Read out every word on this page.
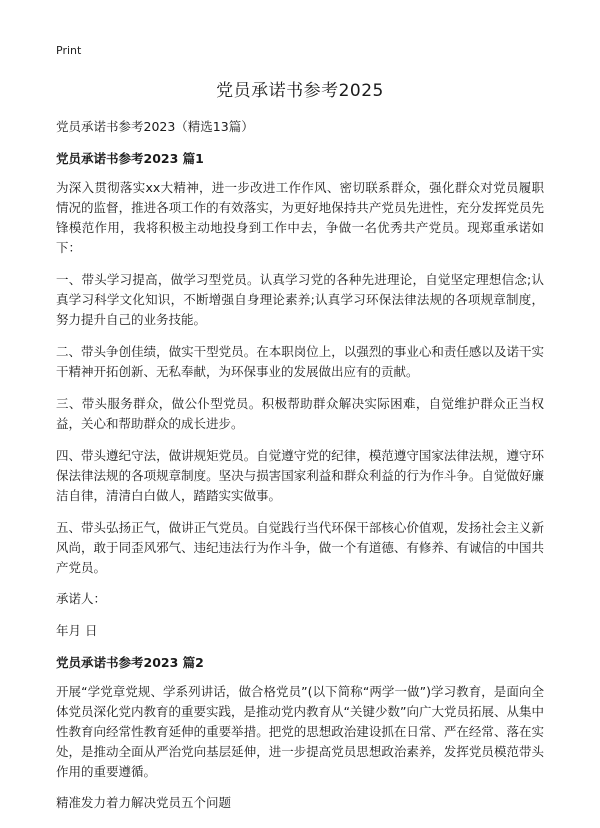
Print
党员承诺书参考2025
党员承诺书参考2023（精选13篇）
党员承诺书参考2023 篇1

为深入贯彻落实xx大精神，进一步改进工作作风、密切联系群众，强化群众对党员履职情况的监督，推进各项工作的有效落实，为更好地保持共产党员先进性，充分发挥党员先锋模范作用，我将积极主动地投身到工作中去，争做一名优秀共产党员。现郑重承诺如下：

一、带头学习提高，做学习型党员。认真学习党的各种先进理论，自觉坚定理想信念;认真学习科学文化知识，不断增强自身理论素养;认真学习环保法律法规的各项规章制度，努力提升自己的业务技能。

二、带头争创佳绩，做实干型党员。在本职岗位上，以强烈的事业心和责任感以及诺干实干精神开拓创新、无私奉献，为环保事业的发展做出应有的贡献。

三、带头服务群众，做公仆型党员。积极帮助群众解决实际困难，自觉维护群众正当权益，关心和帮助群众的成长进步。

四、带头遵纪守法，做讲规矩党员。自觉遵守党的纪律，模范遵守国家法律法规，遵守环保法律法规的各项规章制度。坚决与损害国家利益和群众利益的行为作斗争。自觉做好廉洁自律，清清白白做人，踏踏实实做事。

五、带头弘扬正气，做讲正气党员。自觉践行当代环保干部核心价值观，发扬社会主义新风尚，敢于同歪风邪气、违纪违法行为作斗争，做一个有道德、有修养、有诚信的中国共产党员。

承诺人：
年月 日
党员承诺书参考2023 篇2

开展“学党章党规、学系列讲话，做合格党员”(以下简称“两学一做”)学习教育，是面向全体党员深化党内教育的重要实践，是推动党内教育从“关键少数”向广大党员拓展、从集中性教育向经常性教育延伸的重要举措。把党的思想政治建设抓在日常、严在经常、落在实处，是推动全面从严治党向基层延伸，进一步提高党员思想政治素养，发挥党员模范带头作用的重要遵循。

精准发力着力解决党员五个问题
